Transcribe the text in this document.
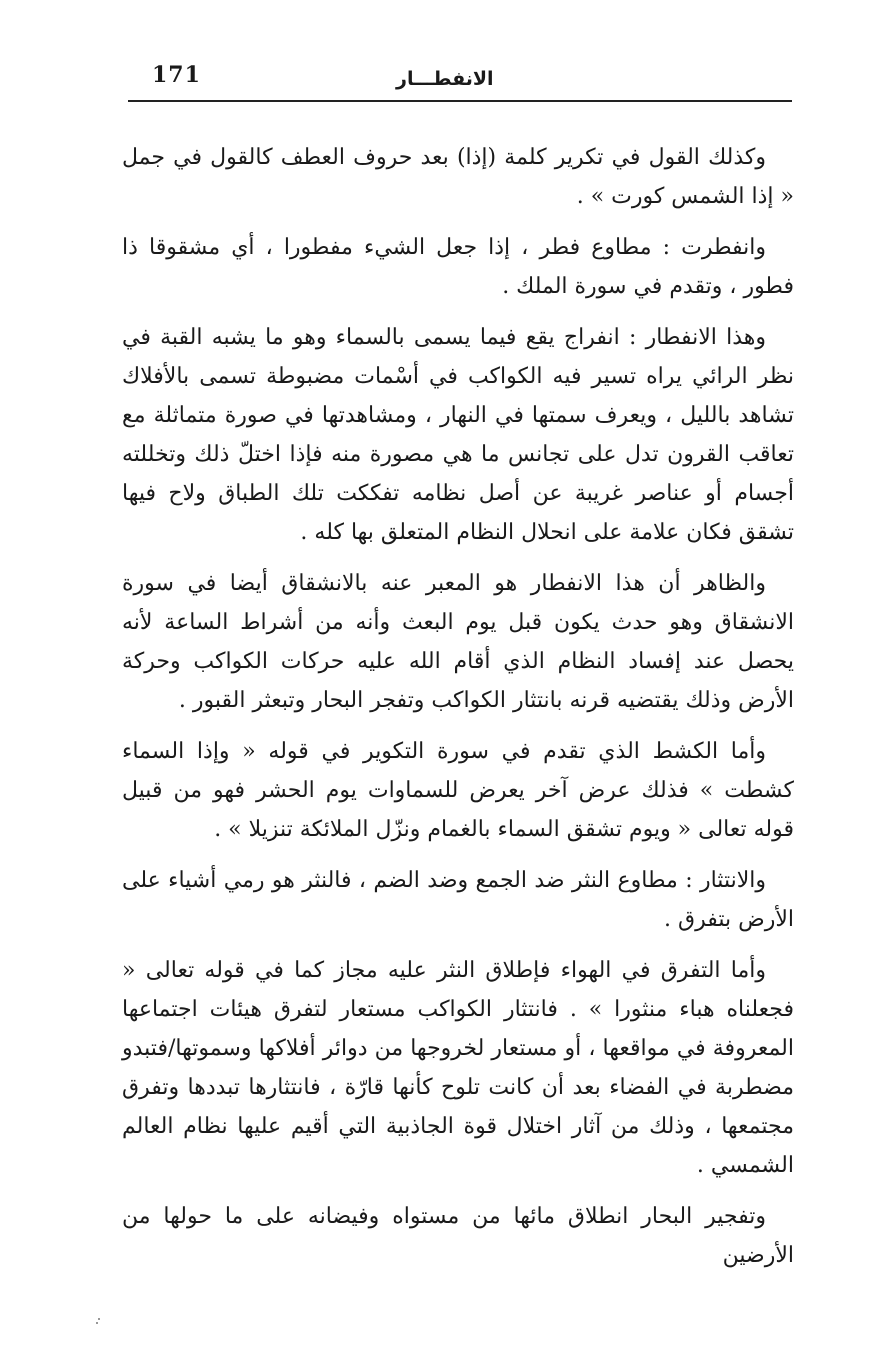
171	الانفطـــار

وكذلك القول في تكرير كلمة (إذا) بعد حروف العطف كالقول في جمل « إذا الشمس كورت » .

وانفطرت : مطاوع فطر ، إذا جعل الشيء مفطورا ، أي مشقوقا ذا فطور ، وتقدم في سورة الملك .

وهذا الانفطار : انفراج يقع فيما يسمى بالسماء وهو ما يشبه القبة في نظر الرائي يراه تسير فيه الكواكب في أسْمات مضبوطة تسمى بالأفلاك تشاهد بالليل ، ويعرف سمتها في النهار ، ومشاهدتها في صورة متماثلة مع تعاقب القرون تدل على تجانس ما هي مصورة منه فإذا اختلّ ذلك وتخللته أجسام أو عناصر غريبة عن أصل نظامه تفككت تلك الطباق ولاح فيها تشقق فكان علامة على انحلال النظام المتعلق بها كله .

والظاهر أن هذا الانفطار هو المعبر عنه بالانشقاق أيضا في سورة الانشقاق وهو حدث يكون قبل يوم البعث وأنه من أشراط الساعة لأنه يحصل عند إفساد النظام الذي أقام الله عليه حركات الكواكب وحركة الأرض وذلك يقتضيه قرنه بانتثار الكواكب وتفجر البحار وتبعثر القبور .

وأما الكشط الذي تقدم في سورة التكوير في قوله « وإذا السماء كشطت » فذلك عرض آخر يعرض للسماوات يوم الحشر فهو من قبيل قوله تعالى « ويوم تشقق السماء بالغمام ونزّل الملائكة تنزيلا » .

والانتثار : مطاوع النثر ضد الجمع وضد الضم ، فالنثر هو رمي أشياء على الأرض بتفرق .

وأما التفرق في الهواء فإطلاق النثر عليه مجاز كما في قوله تعالى « فجعلناه هباء منثورا » . فانتثار الكواكب مستعار لتفرق هيئات اجتماعها المعروفة في مواقعها ، أو مستعار لخروجها من دوائر أفلاكها وسموتها/فتبدو مضطربة في الفضاء بعد أن كانت تلوح كأنها قارّة ، فانتثارها تبددها وتفرق مجتمعها ، وذلك من آثار اختلال قوة الجاذبية التي أقيم عليها نظام العالم الشمسي .

وتفجير البحار انطلاق مائها من مستواه وفيضانه على ما حولها من الأرضين
